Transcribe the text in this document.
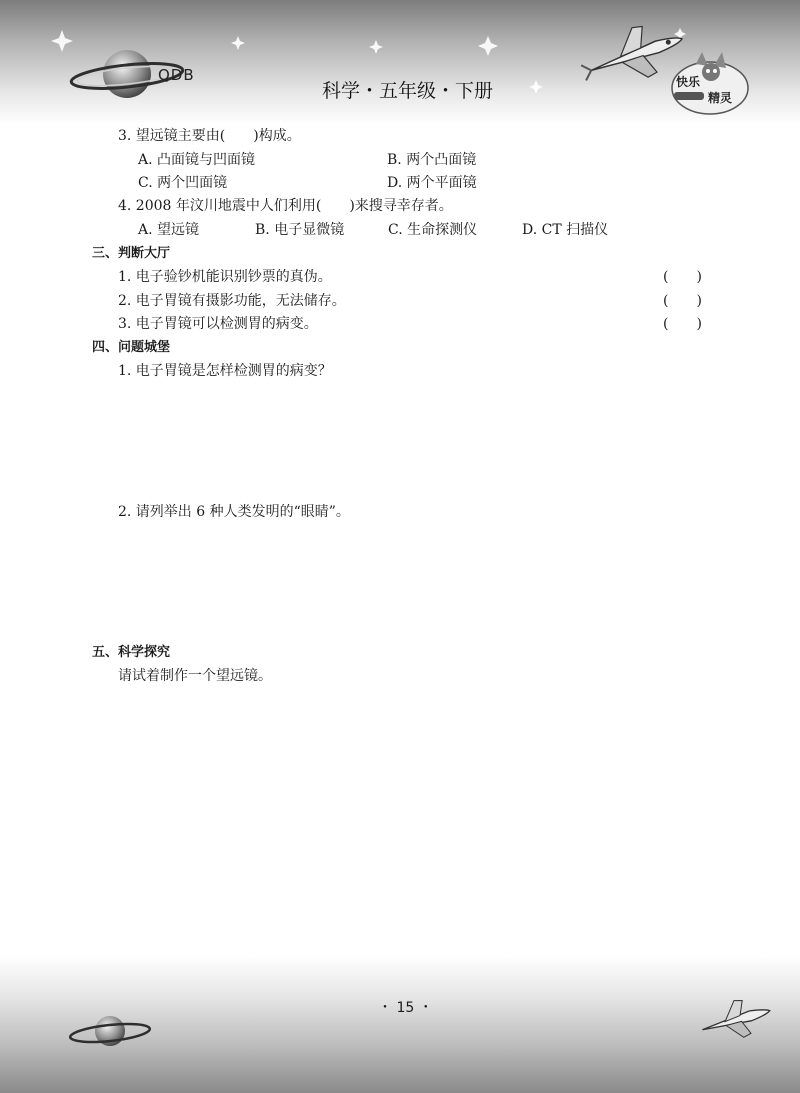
快乐
精灵
QDB
科学・五年级・下册
3. 望远镜主要由(　　)构成。
A. 凸面镜与凹面镜	B. 两个凸面镜
C. 两个凹面镜	D. 两个平面镜
4. 2008 年汶川地震中人们利用(　　)来搜寻幸存者。
A. 望远镜	B. 电子显微镜	C. 生命探测仪	D. CT 扫描仪
三、判断大厅
1. 电子验钞机能识别钞票的真伪。	(　　)
2. 电子胃镜有摄影功能，无法储存。	(　　)
3. 电子胃镜可以检测胃的病变。	(　　)
四、问题城堡
1. 电子胃镜是怎样检测胃的病变？
2. 请列举出 6 种人类发明的“眼睛”。
五、科学探究
请试着制作一个望远镜。
・ 15 ・
